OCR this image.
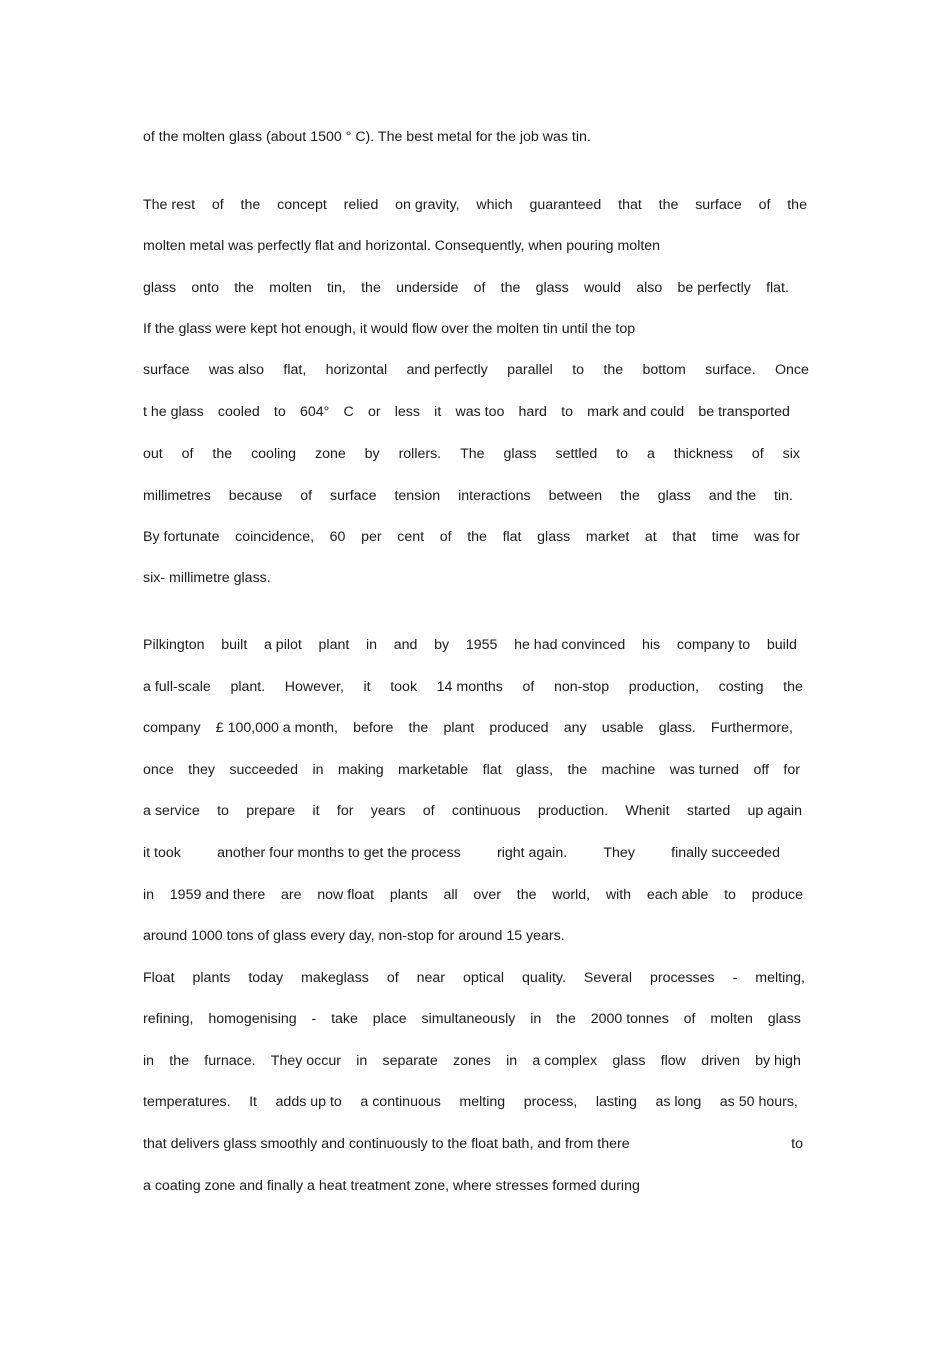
of the molten glass (about 1500 ° C). The best metal for the job was tin.

The rest of the concept relied on gravity, which guaranteed that the surface of the

molten metal was perfectly flat and horizontal. Consequently, when pouring molten

glass onto the molten tin, the underside of the glass would also be perfectly flat.

If the glass were kept hot enough, it would flow over the molten tin until the top

surface was also flat, horizontal and perfectly parallel to the bottom surface. Once
t he glass cooled to 604° C or less it was too hard to mark and could be transported
out of the cooling zone by rollers. The glass settled to a thickness of six
millimetres because of surface tension interactions between the glass and the tin.
By fortunate coincidence, 60 per cent of the flat glass market at that time was for

six- millimetre glass.

Pilkington built a pilot plant in and by 1955 he had convinced his company to build
a full-scale plant. However, it took 14 months of non-stop production, costing the
company £ 100,000 a month, before the plant produced any usable glass. Furthermore,
once they succeeded in making marketable flat glass, the machine was turned off for
a service to prepare it for years of continuous production. Whenit started up again
it took	another four months to get the process	right again.	They	finally succeeded
in 1959 and there are now float plants all over the world, with each able to produce

around 1000 tons of glass every day, non-stop for around 15 years.

Float plants today makeglass of near optical quality. Several processes - melting,
refining, homogenising - take place simultaneously in the 2000 tonnes of molten glass
in the furnace. They occur in separate zones in a complex glass flow driven by high
temperatures. It adds up to a continuous melting process, lasting as long as 50 hours,
that delivers glass smoothly and continuously to the float bath, and from there	to

a coating zone and finally a heat treatment zone, where stresses formed during
